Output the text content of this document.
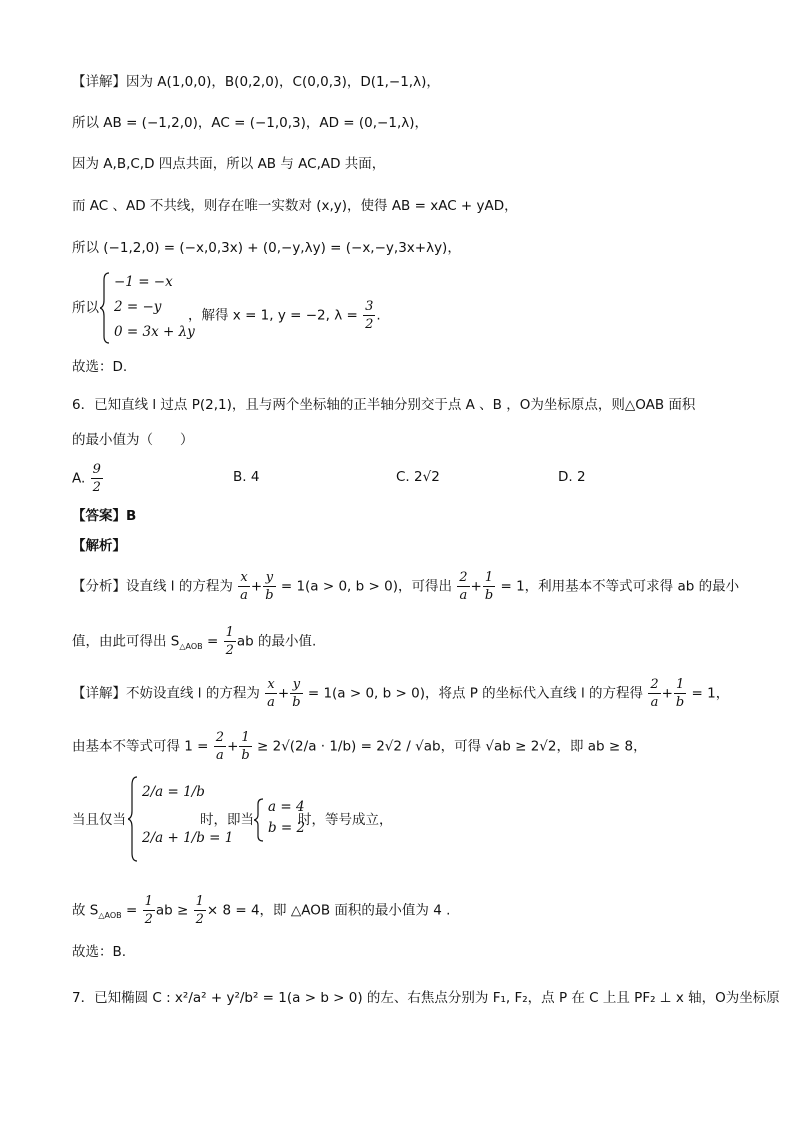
【详解】因为 A(1,0,0)，B(0,2,0)，C(0,0,3)，D(1,−1,λ)，
所以 AB = (−1,2,0)，AC = (−1,0,3)，AD = (0,−1,λ)，
因为 A,B,C,D 四点共面，所以 AB 与 AC,AD 共面，
而 AC 、AD 不共线，则存在唯一实数对 (x,y)，使得 AB = xAC + yAD，
所以 (−1,2,0) = (−x,0,3x) + (0,−y,λy) = (−x,−y,3x+λy)，
所以
−1 = −x
2 = −y
0 = 3x + λy
，解得 x = 1, y = −2, $\lambda = \frac{3}{2}$ .
故选：D.
6．已知直线 l 过点 P(2,1)，且与两个坐标轴的正半轴分别交于点 A 、B ，O为坐标原点，则△OAB 面积
的最小值为（　　）
A. $\frac{9}{2}$	B. 4	C. 2√2	D. 2
【答案】B
【解析】
【分析】设直线 l 的方程为 $\frac{x}{a} + \frac{y}{b} = 1(a > 0$, b > 0)，可得出 $\frac{2}{a} + \frac{1}{b} = 1$，利用基本不等式可求得 ab 的最小
值，由此可得出 $S_{\triangle AOB} = \frac{1}{2}$ ab 的最小值.
【详解】不妨设直线 l 的方程为 $\frac{x}{a} + \frac{y}{b} = 1(a > 0$, b > 0)，将点 P 的坐标代入直线 l 的方程得 $\frac{2}{a} + \frac{1}{b} = 1$，
由基本不等式可得 $1 = \frac{2}{a} + \frac{1}{b} \ge 2√(2/a \cdot 1/b) = 2√2 / √ab$，可得 √ab ≥ 2√2，即 ab ≥ 8，
当且仅当
2/a = 1/b
2/a + 1/b = 1
时，即当
a = 4
b = 2
时，等号成立，
故 $S_{\triangle AOB} = \frac{1}{2}$ ab ≥ $\frac{1}{2} \times 8 = 4$，即 △AOB 面积的最小值为 4 .
故选：B.
7．已知椭圆 C : x²/a² + y²/b² = 1(a > b > 0) 的左、右焦点分别为 F₁, F₂，点 P 在 C 上且 PF₂ ⊥ x 轴，O为坐标原
